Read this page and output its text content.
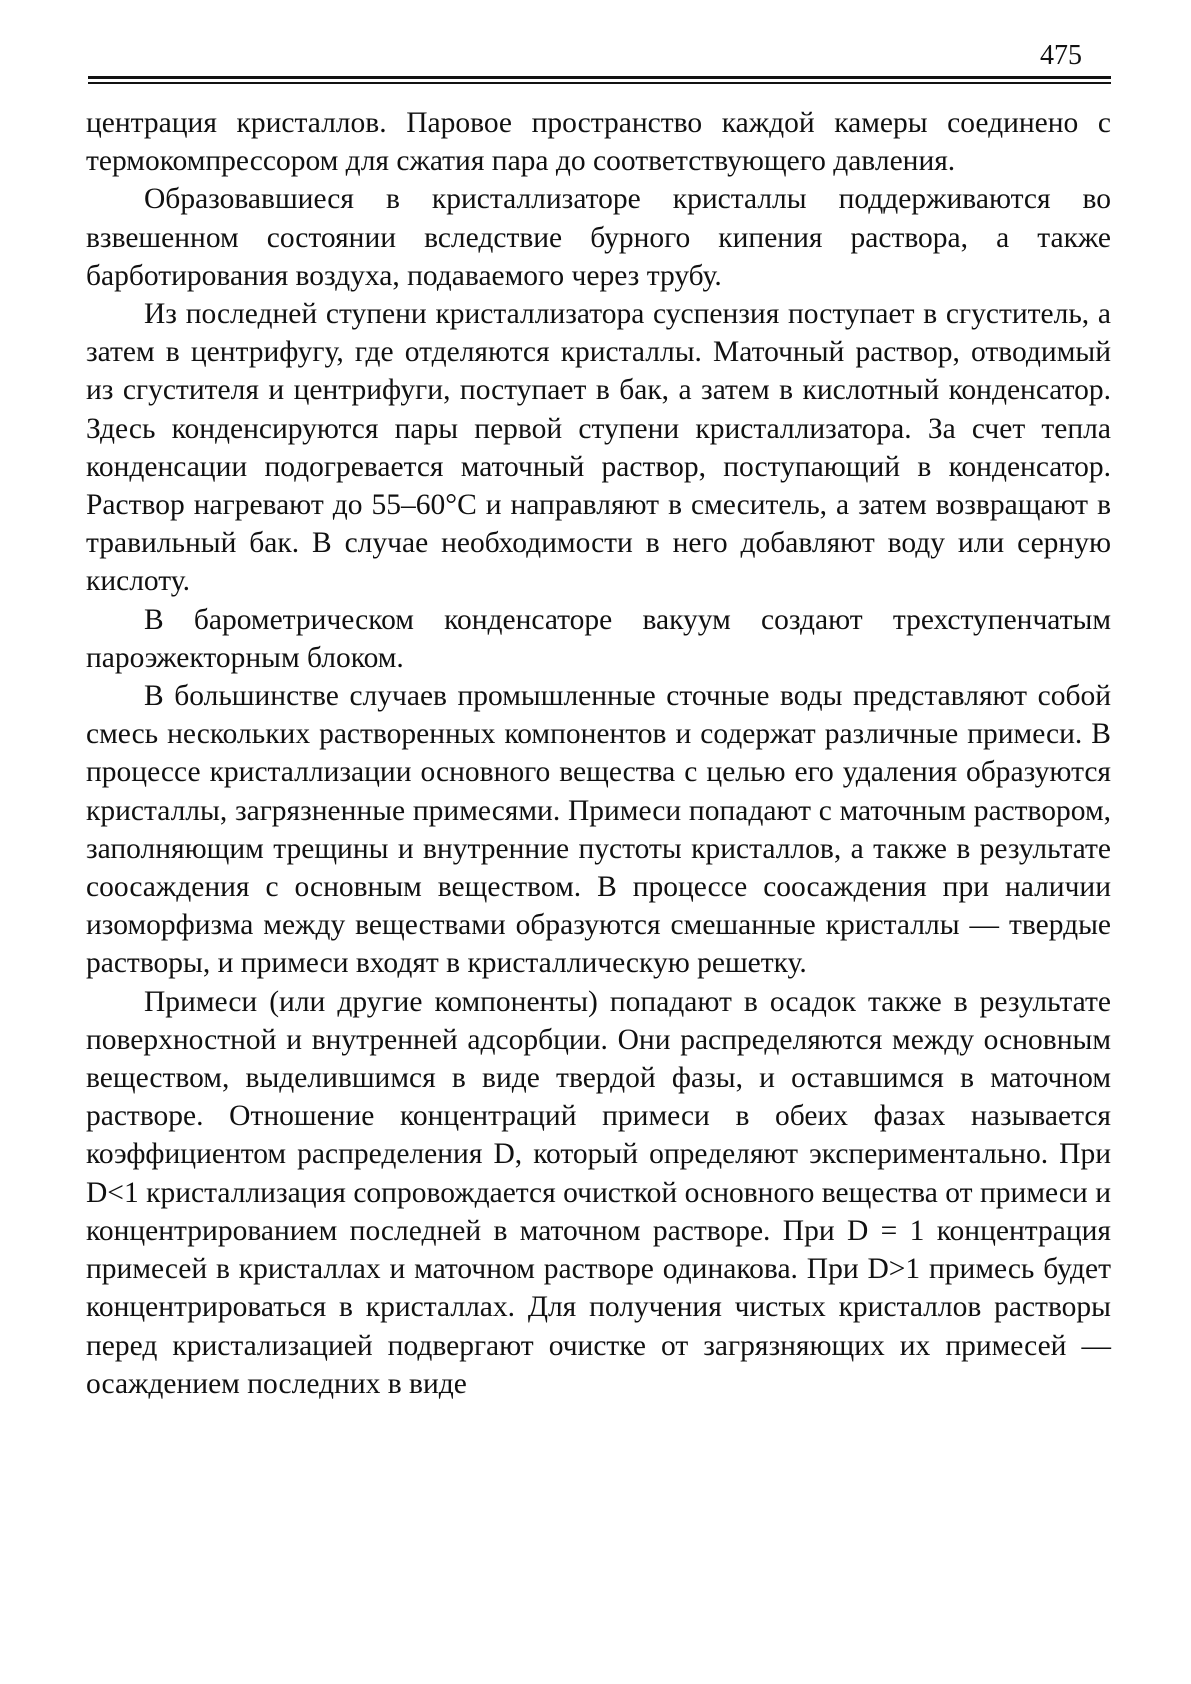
475

центрация кристаллов. Паровое пространство каждой камеры соединено с термокомпрессором для сжатия пара до соответствующего давления.

Образовавшиеся в кристаллизаторе кристаллы поддерживаются во взвешенном состоянии вследствие бурного кипения раствора, а также барботирования воздуха, подаваемого через трубу.

Из последней ступени кристаллизатора суспензия поступает в сгуститель, а затем в центрифугу, где отделяются кристаллы. Маточный раствор, отводимый из сгустителя и центрифуги, поступает в бак, а затем в кислотный конденсатор. Здесь конденсируются пары первой ступени кристаллизатора. За счет тепла конденсации подогревается маточный раствор, поступающий в конденсатор. Раствор нагревают до 55–60°С и направляют в смеситель, а затем возвращают в травильный бак. В случае необходимости в него добавляют воду или серную кислоту.

В барометрическом конденсаторе вакуум создают трехступенчатым пароэжекторным блоком.

В большинстве случаев промышленные сточные воды представляют собой смесь нескольких растворенных компонентов и содержат различные примеси. В процессе кристаллизации основного вещества с целью его удаления образуются кристаллы, загрязненные примесями. Примеси попадают с маточным раствором, заполняющим трещины и внутренние пустоты кристаллов, а также в результате соосаждения с основным веществом. В процессе соосаждения при наличии изоморфизма между веществами образуются смешанные кристаллы — твердые растворы, и примеси входят в кристаллическую решетку.

Примеси (или другие компоненты) попадают в осадок также в результате поверхностной и внутренней адсорбции. Они распределяются между основным веществом, выделившимся в виде твердой фазы, и оставшимся в маточном растворе. Отношение концентраций примеси в обеих фазах называется коэффициентом распределения D, который определяют экспериментально. При D<1 кристаллизация сопровождается очисткой основного вещества от примеси и концентрированием последней в маточном растворе. При D = 1 концентрация примесей в кристаллах и маточном растворе одинакова. При D>1 примесь будет концентрироваться в кристаллах. Для получения чистых кристаллов растворы перед кристализацией подвергают очистке от загрязняющих их примесей — осаждением последних в виде
